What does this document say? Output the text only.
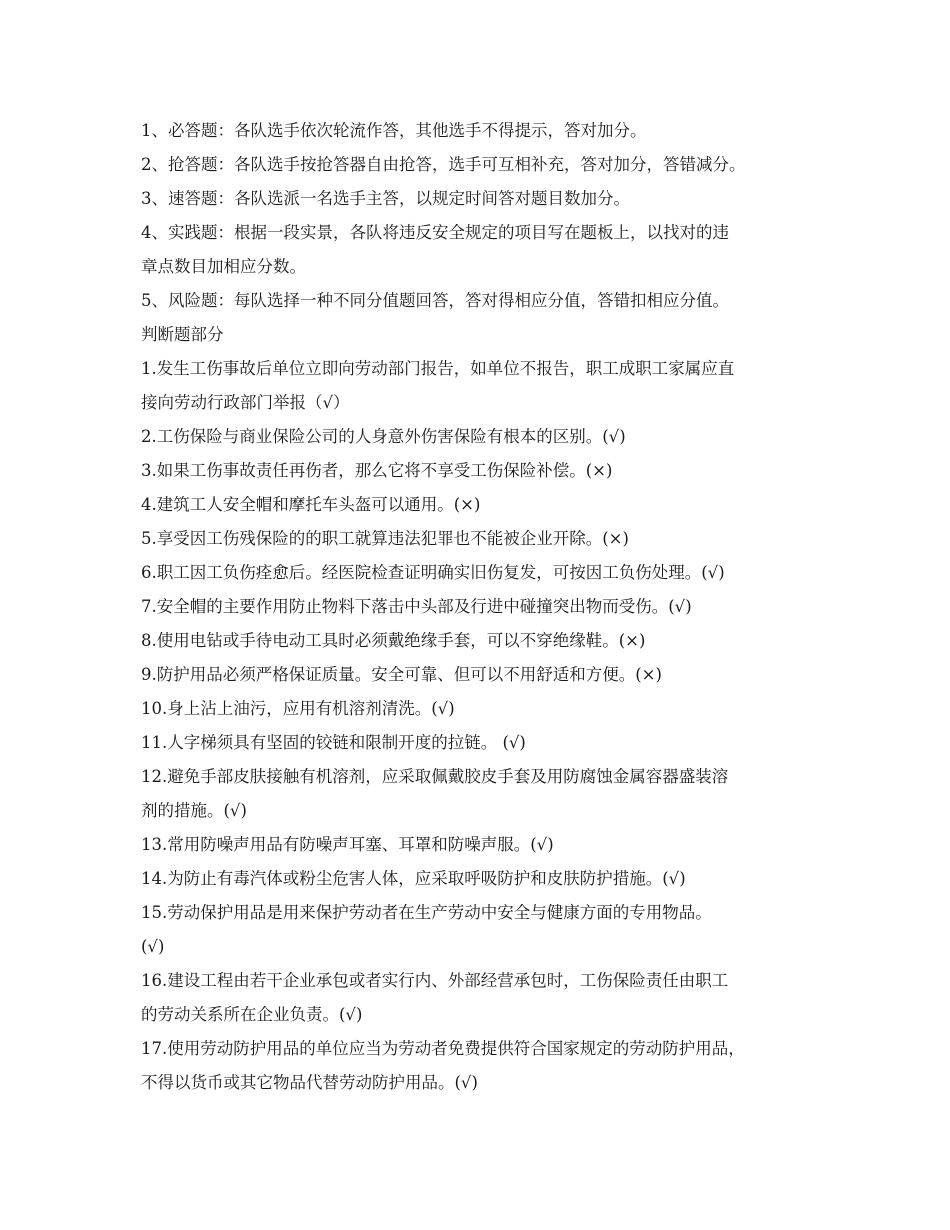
1、必答题：各队选手依次轮流作答，其他选手不得提示，答对加分。
2、抢答题：各队选手按抢答器自由抢答，选手可互相补充，答对加分，答错减分。
3、速答题：各队选派一名选手主答，以规定时间答对题目数加分。
4、实践题：根据一段实景，各队将违反安全规定的项目写在题板上，以找对的违
章点数目加相应分数。
5、风险题：每队选择一种不同分值题回答，答对得相应分值，答错扣相应分值。
判断题部分
1.发生工伤事故后单位立即向劳动部门报告，如单位不报告，职工成职工家属应直
接向劳动行政部门举报（√）
2.工伤保险与商业保险公司的人身意外伤害保险有根本的区别。(√)
3.如果工伤事故责任再伤者，那么它将不享受工伤保险补偿。(×)
4.建筑工人安全帽和摩托车头盔可以通用。(×)
5.享受因工伤残保险的的职工就算违法犯罪也不能被企业开除。(×)
6.职工因工负伤痊愈后。经医院检查证明确实旧伤复发，可按因工负伤处理。(√)
7.安全帽的主要作用防止物料下落击中头部及行进中碰撞突出物而受伤。(√)
8.使用电钻或手待电动工具时必须戴绝缘手套，可以不穿绝缘鞋。(×)
9.防护用品必须严格保证质量。安全可靠、但可以不用舒适和方便。(×)
10.身上沾上油污，应用有机溶剂清洗。(√)
11.人字梯须具有坚固的铰链和限制开度的拉链。 (√)
12.避免手部皮肤接触有机溶剂，应采取佩戴胶皮手套及用防腐蚀金属容器盛装溶
剂的措施。(√)
13.常用防噪声用品有防噪声耳塞、耳罩和防噪声服。(√)
14.为防止有毒汽体或粉尘危害人体，应采取呼吸防护和皮肤防护措施。(√)
15.劳动保护用品是用来保护劳动者在生产劳动中安全与健康方面的专用物品。
(√)
16.建设工程由若干企业承包或者实行内、外部经营承包时，工伤保险责任由职工
的劳动关系所在企业负责。(√)
17.使用劳动防护用品的单位应当为劳动者免费提供符合国家规定的劳动防护用品，
不得以货币或其它物品代替劳动防护用品。(√)
